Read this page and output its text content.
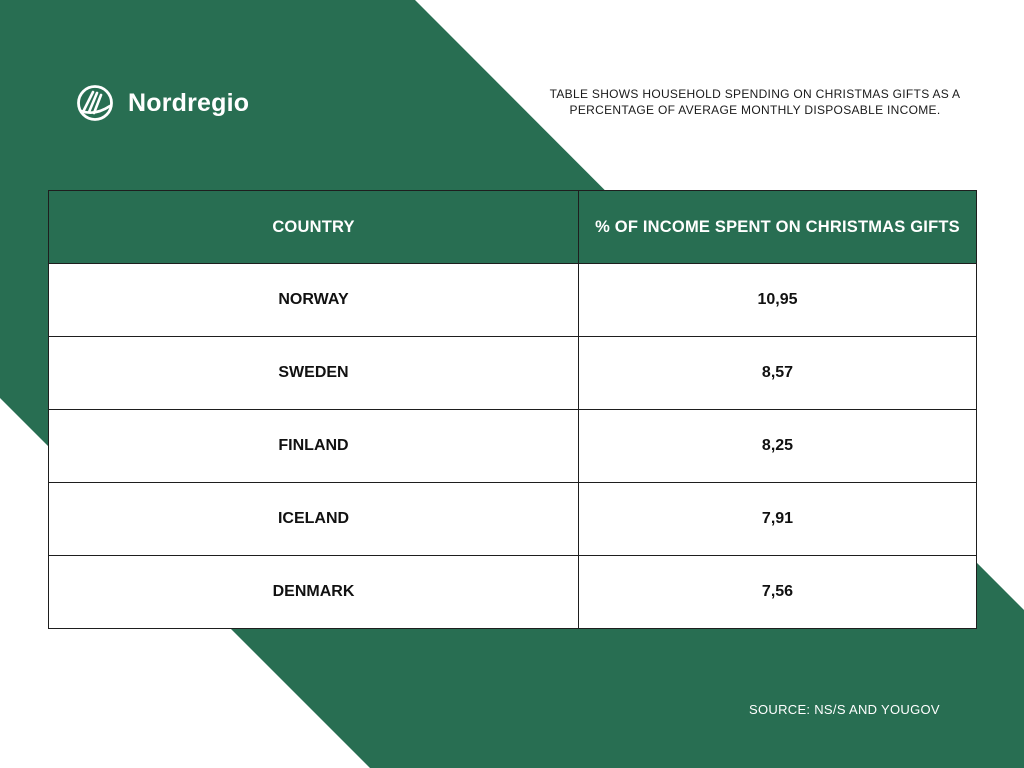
Nordregio	TABLE SHOWS HOUSEHOLD SPENDING ON CHRISTMAS GIFTS AS A PERCENTAGE OF AVERAGE MONTHLY DISPOSABLE INCOME.
COUNTRY	% OF INCOME SPENT ON CHRISTMAS GIFTS
NORWAY	10,95
SWEDEN	8,57
FINLAND	8,25
ICELAND	7,91
DENMARK	7,56
SOURCE: NS/S AND YOUGOV
